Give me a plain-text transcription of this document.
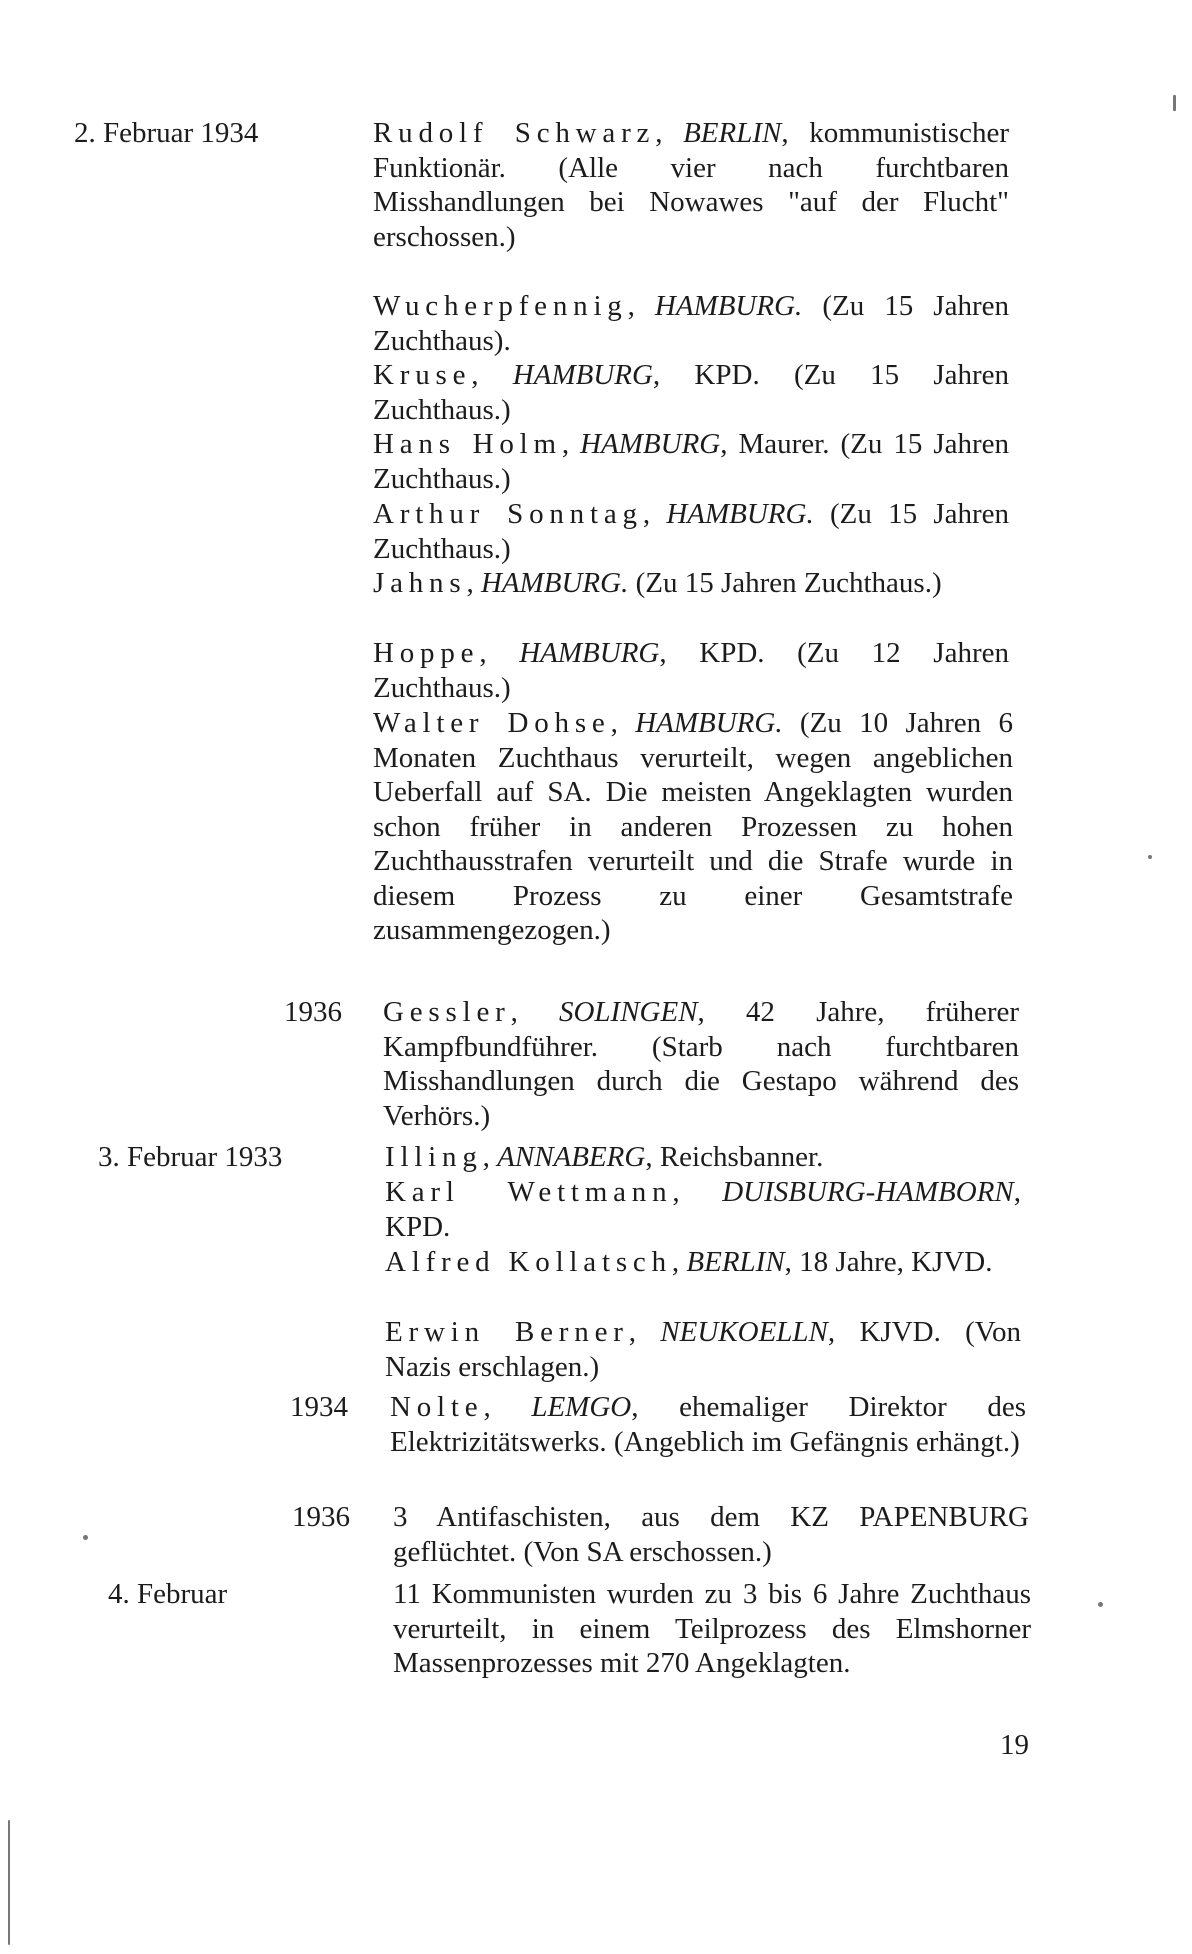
2. Februar 1934	Rudolf Schwarz, BERLIN, kommunistischer Funktionär. (Alle vier nach furchtbaren Misshandlungen bei Nowawes "auf der Flucht" erschossen.)
Wucherpfennig, HAMBURG. (Zu 15 Jahren Zuchthaus).
Kruse, HAMBURG, KPD. (Zu 15 Jahren Zuchthaus.)
Hans Holm, HAMBURG, Maurer. (Zu 15 Jahren Zuchthaus.)
Arthur Sonntag, HAMBURG. (Zu 15 Jahren Zuchthaus.)
Jahns, HAMBURG. (Zu 15 Jahren Zuchthaus.)
Hoppe, HAMBURG, KPD. (Zu 12 Jahren Zuchthaus.)
Walter Dohse, HAMBURG. (Zu 10 Jahren 6 Monaten Zuchthaus verurteilt, wegen angeblichen Ueberfall auf SA. Die meisten Angeklagten wurden schon früher in anderen Prozessen zu hohen Zuchthausstrafen verurteilt und die Strafe wurde in diesem Prozess zu einer Gesamtstrafe zusammengezogen.)
1936 Gessler, SOLINGEN, 42 Jahre, früherer Kampfbundführer. (Starb nach furchtbaren Misshandlungen durch die Gestapo während des Verhörs.)
3. Februar 1933	Illing, ANNABERG, Reichsbanner.
Karl Wettmann, DUISBURG-HAMBORN, KPD.
Alfred Kollatsch, BERLIN, 18 Jahre, KJVD.
Erwin Berner, NEUKOELLN, KJVD. (Von Nazis erschlagen.)
1934 Nolte, LEMGO, ehemaliger Direktor des Elektrizitätswerks. (Angeblich im Gefängnis erhängt.)
1936 3 Antifaschisten, aus dem KZ PAPENBURG geflüchtet. (Von SA erschossen.)
4. Februar	11 Kommunisten wurden zu 3 bis 6 Jahre Zuchthaus verurteilt, in einem Teilprozess des Elmshorner Massenprozesses mit 270 Angeklagten.
19
